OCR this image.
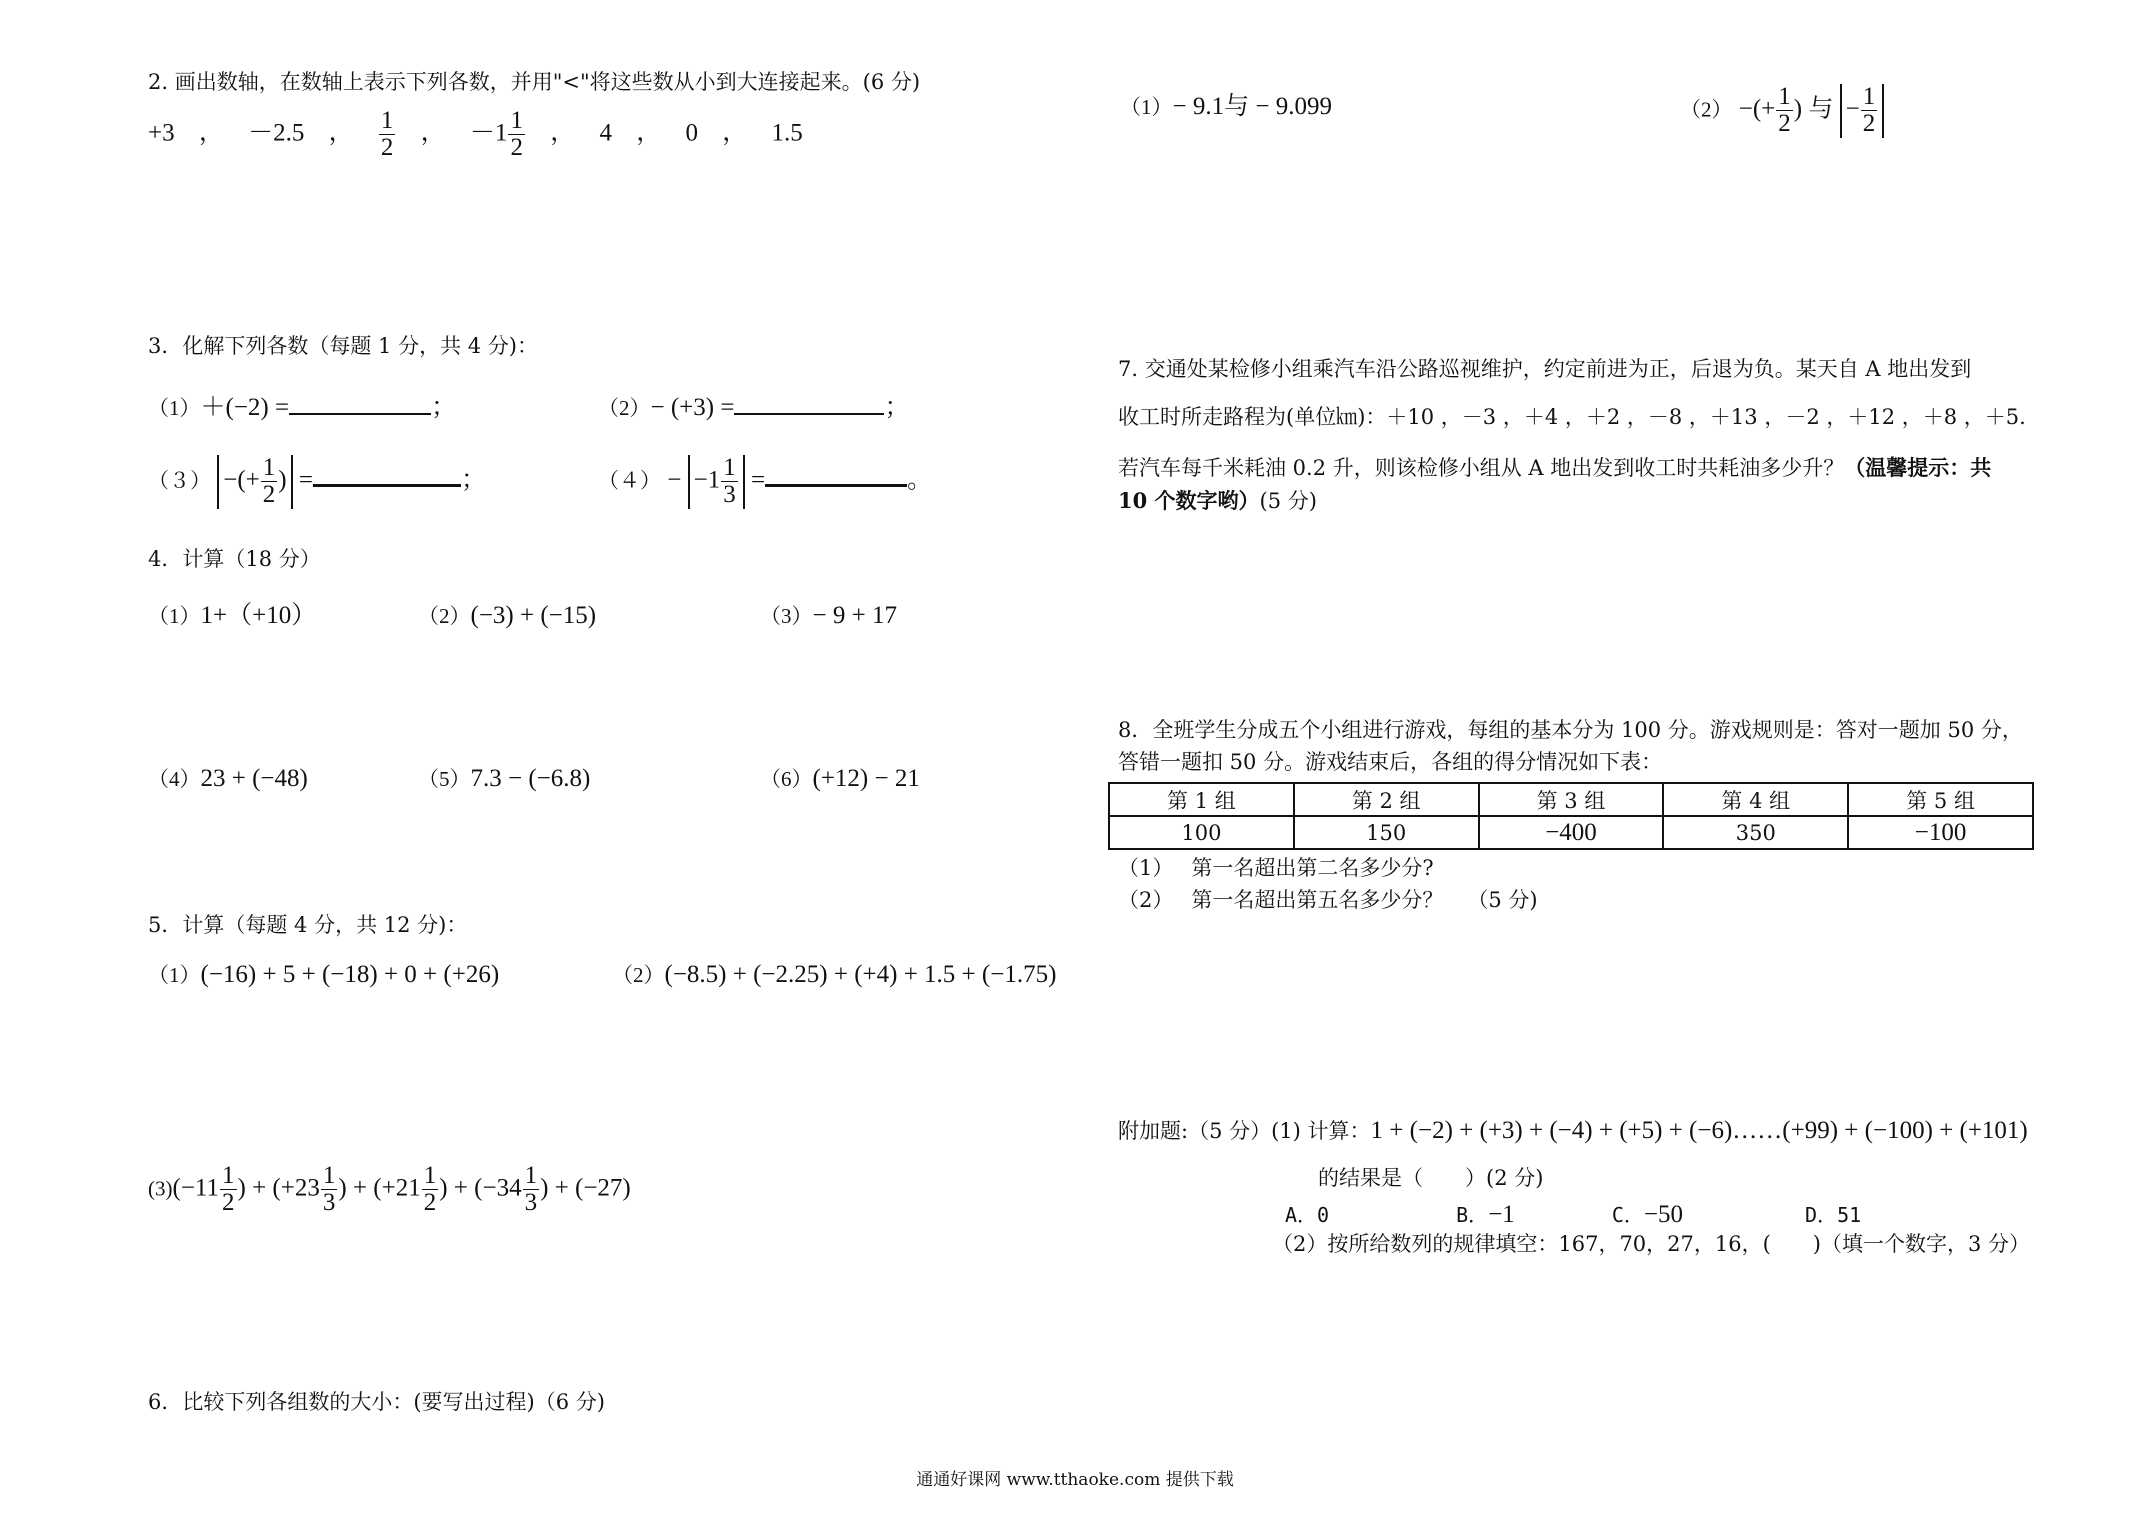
2. 画出数轴，在数轴上表示下列各数，并用"<"将这些数从小到大连接起来。(6 分)
+3 ， －2.5 ， $\frac{1}{2}$ ， $-1 \frac{1}{2}$ ， 4 ， 0 ， 1.5
3．化解下列各数（每题 1 分，共 4 分)：
（1）＋(−2) =	；	（2）− (+3) =	；
（３） −(+ $\frac{1}{2}$ ) =	；	$(4) - -1 \frac{1}{3}$ =	。
4．计算（18 分）
（1）1+（+10）	（2）(−3) + (−15)	（3）− 9 + 17
（4）23 + (−48)	（5）7.3 − (−6.8)	（6）(+12) − 21
5．计算（每题 4 分，共 12 分)：
（1）(−16) + 5 + (−18) + 0 + (+26)	（2）(−8.5) + (−2.25) + (+4) + 1.5 + (−1.75)
$(3)(-11 \frac{1}{2}$ ) + ($+23 \frac{1}{3}$ ) + ($+21 \frac{1}{2}$ ) + ($-34 \frac{1}{3}$ ) + (−27)
6．比较下列各组数的大小：(要写出过程)（6 分)
（1）− 9.1与 − 9.099	（2） −(+ $\frac{1}{2}$ ) 与 − $\frac{1}{2}$
7. 交通处某检修小组乘汽车沿公路巡视维护，约定前进为正，后退为负。某天自 A 地出发到
收工时所走路程为(单位㎞)：＋10 ，－3 ，＋4 ，＋2 ，－8 ，＋13 ，－2 ，＋12 ，＋8 ，＋5.
若汽车每千米耗油 0.2 升，则该检修小组从 A 地出发到收工时共耗油多少升？（温馨提示：共
10 个数字哟）(5 分)
8．全班学生分成五个小组进行游戏，每组的基本分为 100 分。游戏规则是：答对一题加 50 分，
答错一题扣 50 分。游戏结束后，各组的得分情况如下表：
第 1 组	第 2 组	第 3 组	第 4 组	第 5 组
100	150	−400	350	−100
（1） 第一名超出第二名多少分?
（2） 第一名超出第五名多少分？ （5 分)
附加题:（5 分）(1) 计算：1 + (−2) + (+3) + (−4) + (+5) + (−6)……(+99) + (−100) + (+101)
的结果是（　　）(2 分)
A．0	B．−1	C．−50	D．51
（2）按所给数列的规律填空：167，70，27，16，(　　)（填一个数字，3 分）
通通好课网 www.tthaoke.com 提供下载
